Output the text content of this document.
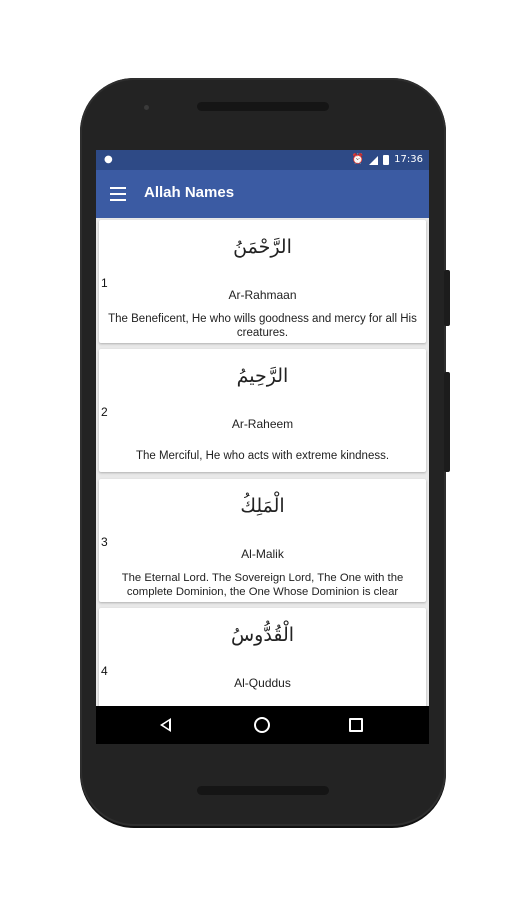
●	⏰	17:36
Allah Names
الرَّحْمَنُ
1
Ar-Rahmaan
The Beneficent, He who wills goodness and mercy for all His creatures.
الرَّحِيمُ
2
Ar-Raheem
The Merciful, He who acts with extreme kindness.
الْمَلِكُ
3
Al-Malik
The Eternal Lord. The Sovereign Lord, The One with the complete Dominion, the One Whose Dominion is clear
الْقُدُّوسُ
4
Al-Quddus
